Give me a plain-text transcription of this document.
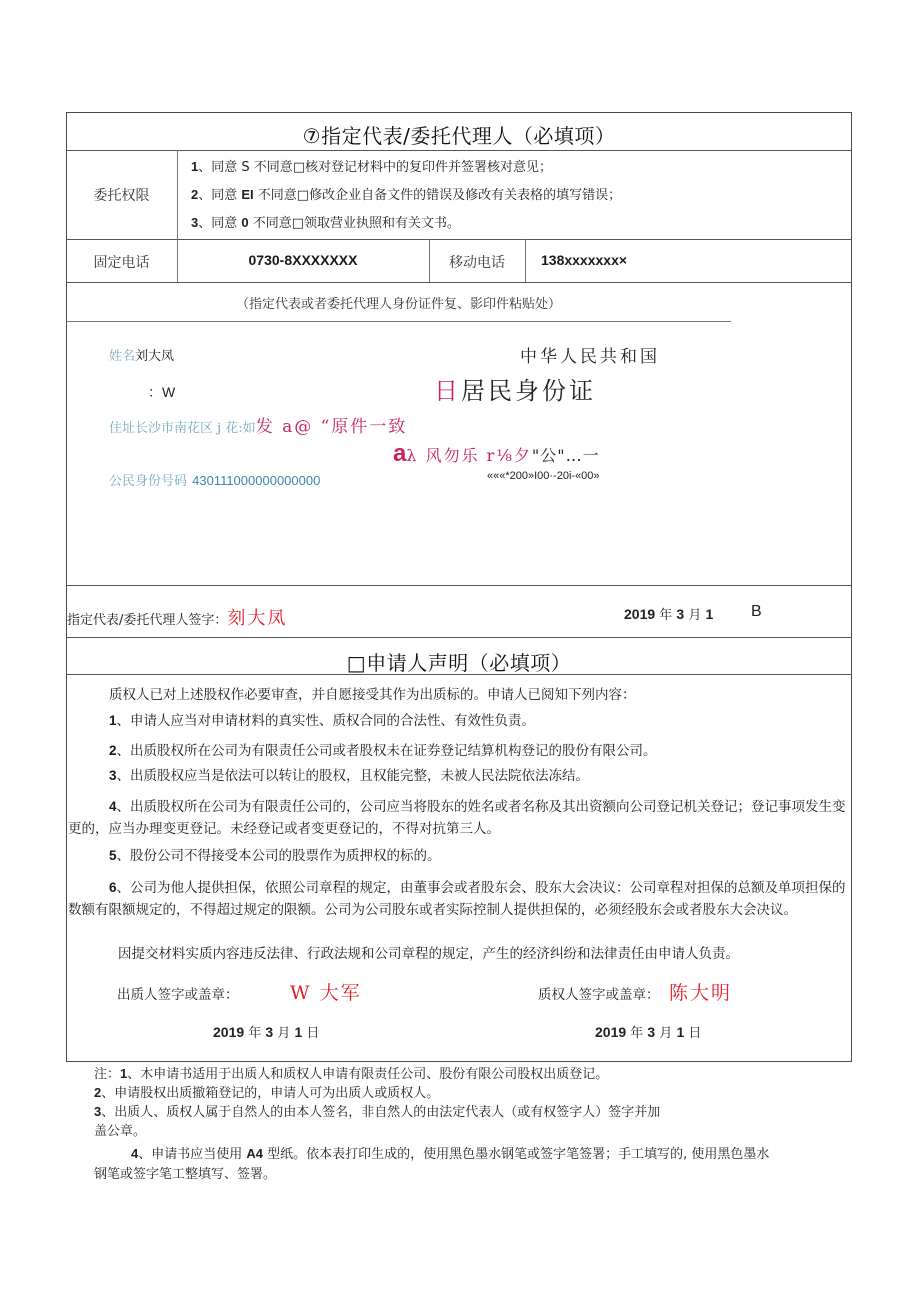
⑦指定代表/委托代理人（必填项）
委托权限
1、同意 S 不同意□核对登记材料中的复印件并签署核对意见；
2、同意 EI 不同意□修改企业自备文件的错误及修改有关表格的填写错误；
3、同意 0 不同意□领取营业执照和有关文书。
固定电话	0730-8XXXXXXX	移动电话	138xxxxxxx×
（指定代表或者委托代理人身份证件复、影印件粘贴处）
姓名刘大凤	中华人民共和国
：W	日居民身份证
住址长沙市南花区 j 花:如发 a@ “原件一致
aλ 风勿乐 r⅛夕"公"…一
公民身份号码 430111000000000000	«««*200»I00·-20i-«00»
指定代表/委托代理人签字：刻大凤	2019 年 3 月 1 B
□申请人声明（必填项）
质权人已对上述股权作必要审查，并自愿接受其作为出质标的。申请人已阅知下列内容：
1、申请人应当对申请材料的真实性、质权合同的合法性、有效性负责。
2、出质股权所在公司为有限责任公司或者股权未在证券登记结算机构登记的股份有限公司。
3、出质股权应当是依法可以转让的股权，且权能完整，未被人民法院依法冻结。
4、出质股权所在公司为有限责任公司的，公司应当将股东的姓名或者名称及其出资额向公司登记机关登记；登记事项发生变更的，应当办理变更登记。未经登记或者变更登记的，不得对抗第三人。
5、股份公司不得接受本公司的股票作为质押权的标的。
6、公司为他人提供担保，依照公司章程的规定，由董事会或者股东会、股东大会决议：公司章程对担保的总额及单项担保的数额有限额规定的，不得超过规定的限额。公司为公司股东或者实际控制人提供担保的，必须经股东会或者股东大会决议。
因提交材料实质内容违反法律、行政法规和公司章程的规定，产生的经济纠纷和法律责任由申请人负责。
出质人签字或盖章：	W 大军	质权人签字或盖章： 陈大明
2019 年 3 月 1 日	2019 年 3 月 1 日
注：1、木申请书适用于出质人和质权人申请有限责任公司、股份有限公司股权出质登记。
2、申请股权出质撤箱登记的，申请人可为出质人或质权人。
3、出质人、质权人属于自然人的由本人签名，非自然人的由法定代表人（或有权签字人）签字并加
盖公章。
4、申请书应当使用 A4 型纸。依本表打印生成的，使用黑色墨水钢笔或签字笔签署；手工填写的, 使用黑色墨水
钢笔或签字笔工整填写、签署。
